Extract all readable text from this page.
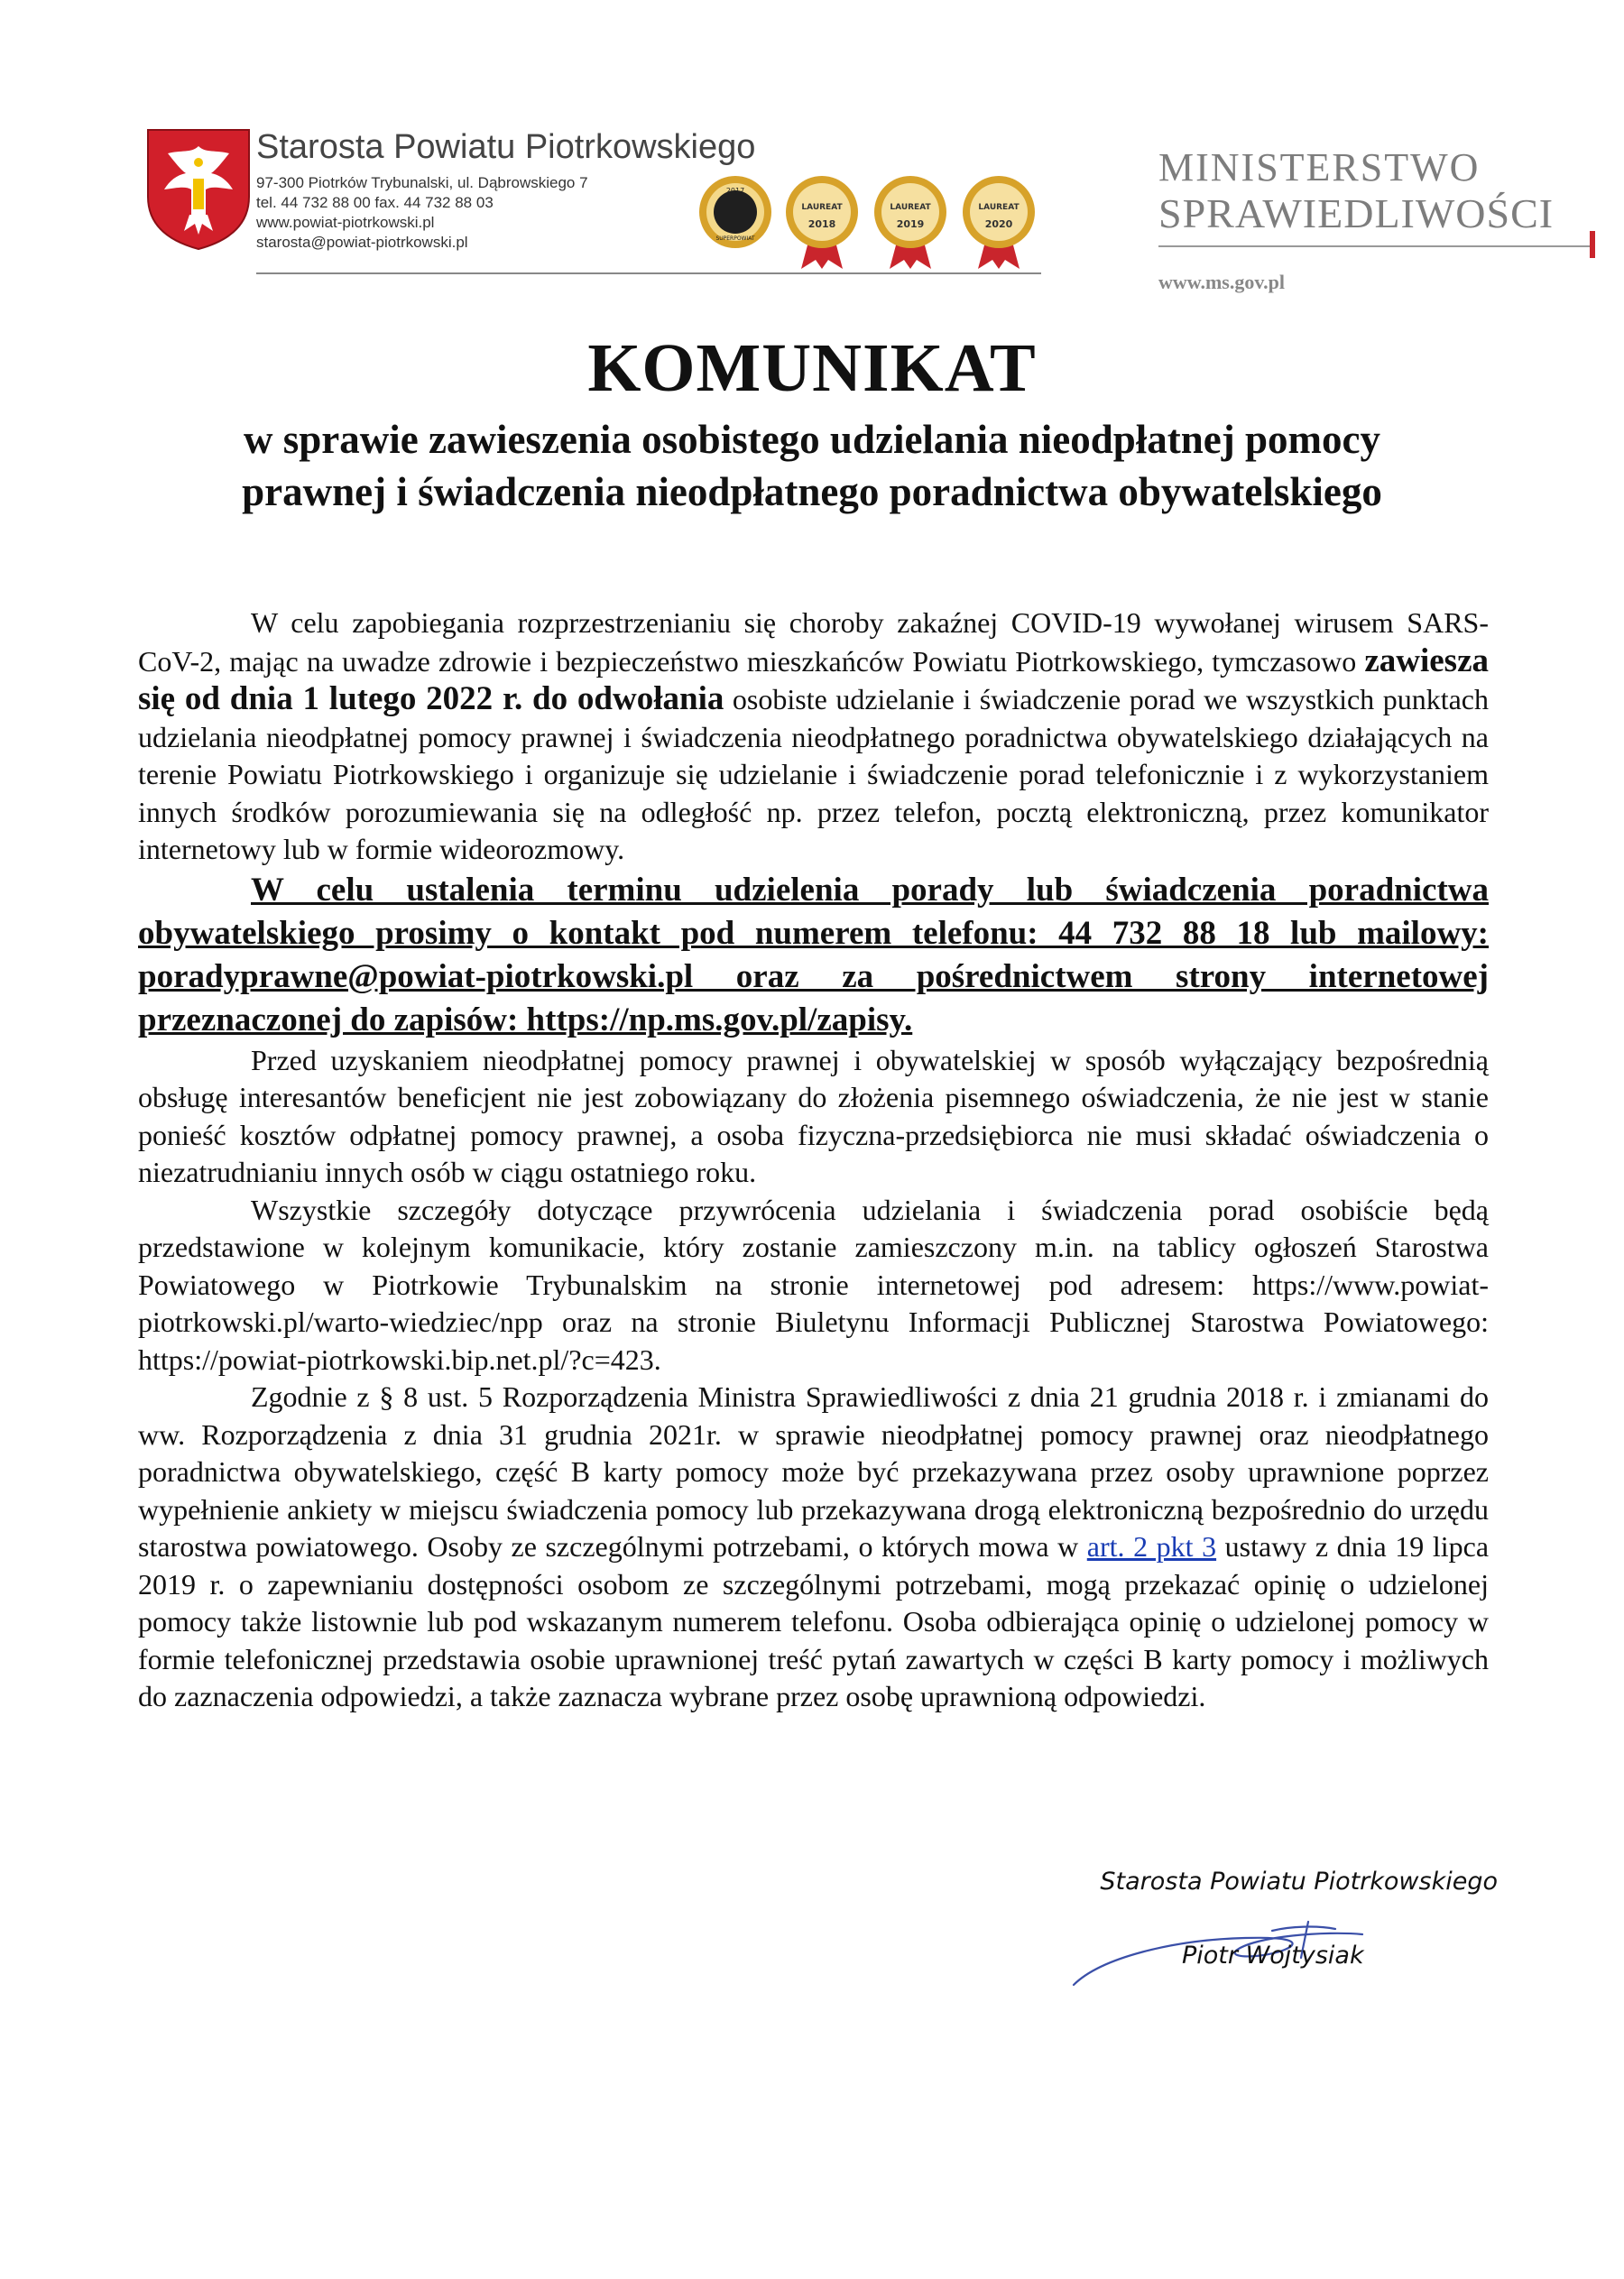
Starosta Powiatu Piotrkowskiego
97-300 Piotrków Trybunalski, ul. Dąbrowskiego 7
tel. 44 732 88 00 fax. 44 732 88 03
www.powiat-piotrkowski.pl
starosta@powiat-piotrkowski.pl
2017
SUPERPOWIAT
LAUREAT
2018
LAUREAT
2019
LAUREAT
2020
MINISTERSTWO
SPRAWIEDLIWOŚCI
www.ms.gov.pl
KOMUNIKAT
w sprawie zawieszenia osobistego udzielania nieodpłatnej pomocy prawnej i świadczenia nieodpłatnego poradnictwa obywatelskiego

W celu zapobiegania rozprzestrzenianiu się choroby zakaźnej COVID-19 wywołanej wirusem SARS-CoV-2, mając na uwadze zdrowie i bezpieczeństwo mieszkańców Powiatu Piotrkowskiego, tymczasowo zawiesza się od dnia 1 lutego 2022 r. do odwołania osobiste udzielanie i świadczenie porad we wszystkich punktach udzielania nieodpłatnej pomocy prawnej i świadczenia nieodpłatnego poradnictwa obywatelskiego działających na terenie Powiatu Piotrkowskiego i organizuje się udzielanie i świadczenie porad telefonicznie i z wykorzystaniem innych środków porozumiewania się na odległość np. przez telefon, pocztą elektroniczną, przez komunikator internetowy lub w formie wideorozmowy.

W celu ustalenia terminu udzielenia porady lub świadczenia poradnictwa obywatelskiego prosimy o kontakt pod numerem telefonu: 44 732 88 18 lub mailowy: poradyprawne@powiat-piotrkowski.pl oraz za pośrednictwem strony internetowej przeznaczonej do zapisów: https://np.ms.gov.pl/zapisy.

Przed uzyskaniem nieodpłatnej pomocy prawnej i obywatelskiej w sposób wyłączający bezpośrednią obsługę interesantów beneficjent nie jest zobowiązany do złożenia pisemnego oświadczenia, że nie jest w stanie ponieść kosztów odpłatnej pomocy prawnej, a osoba fizyczna-przedsiębiorca nie musi składać oświadczenia o niezatrudnianiu innych osób w ciągu ostatniego roku.

Wszystkie szczegóły dotyczące przywrócenia udzielania i świadczenia porad osobiście będą przedstawione w kolejnym komunikacie, który zostanie zamieszczony m.in. na tablicy ogłoszeń Starostwa Powiatowego w Piotrkowie Trybunalskim na stronie internetowej pod adresem: https://www.powiat-piotrkowski.pl/warto-wiedziec/npp oraz na stronie Biuletynu Informacji Publicznej Starostwa Powiatowego: https://powiat-piotrkowski.bip.net.pl/?c=423.

Zgodnie z § 8 ust. 5 Rozporządzenia Ministra Sprawiedliwości z dnia 21 grudnia 2018 r. i zmianami do ww. Rozporządzenia z dnia 31 grudnia 2021r. w sprawie nieodpłatnej pomocy prawnej oraz nieodpłatnego poradnictwa obywatelskiego, część B karty pomocy może być przekazywana przez osoby uprawnione poprzez wypełnienie ankiety w miejscu świadczenia pomocy lub przekazywana drogą elektroniczną bezpośrednio do urzędu starostwa powiatowego. Osoby ze szczególnymi potrzebami, o których mowa w art. 2 pkt 3 ustawy z dnia 19 lipca 2019 r. o zapewnianiu dostępności osobom ze szczególnymi potrzebami, mogą przekazać opinię o udzielonej pomocy także listownie lub pod wskazanym numerem telefonu. Osoba odbierająca opinię o udzielonej pomocy w formie telefonicznej przedstawia osobie uprawnionej treść pytań zawartych w części B karty pomocy i możliwych do zaznaczenia odpowiedzi, a także zaznacza wybrane przez osobę uprawnioną odpowiedzi.

Starosta Powiatu Piotrkowskiego
Piotr Wojtysiak
